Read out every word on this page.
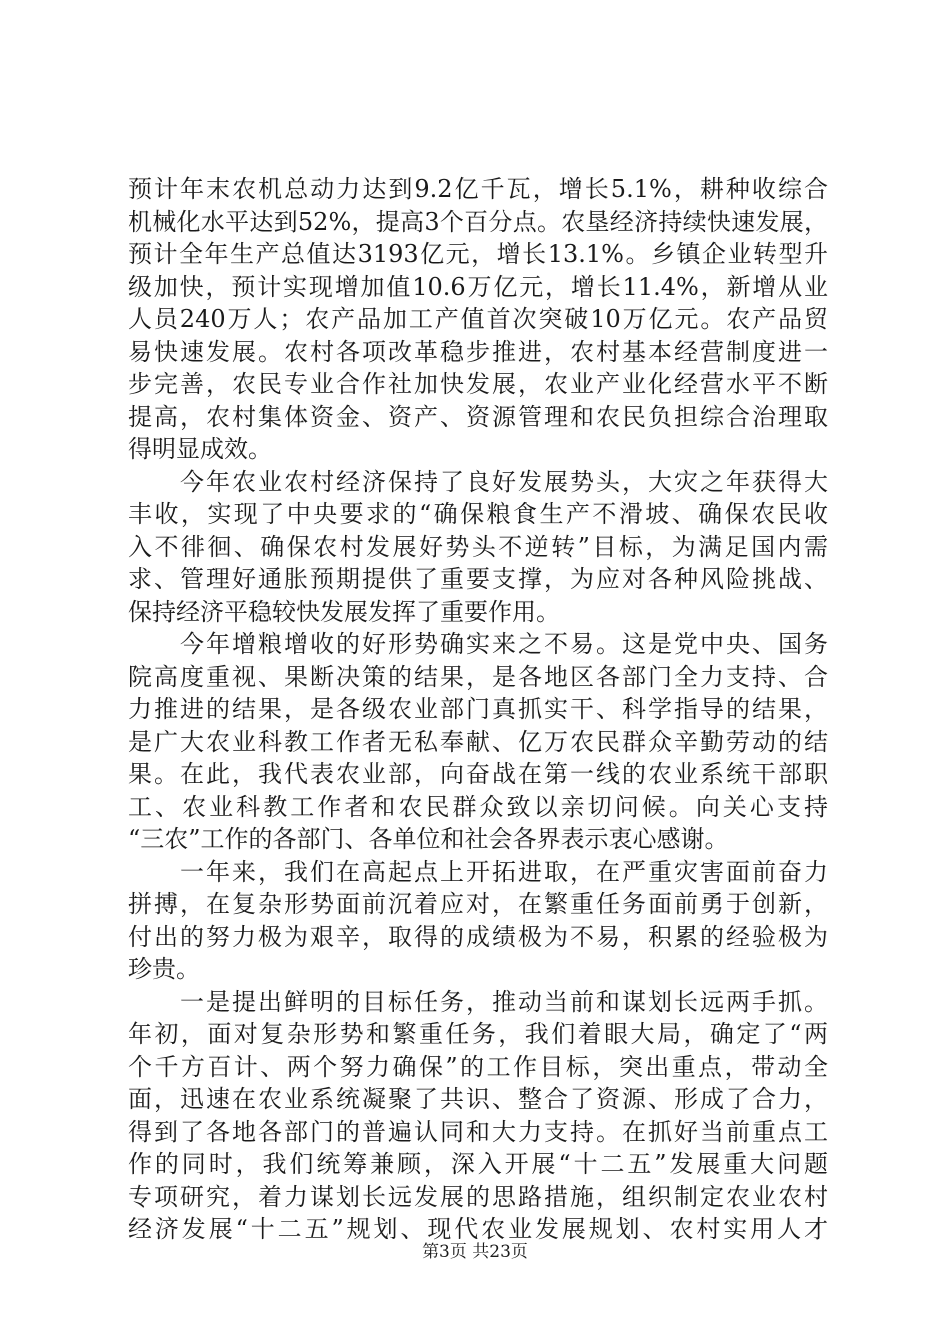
预计年末农机总动力达到9.2亿千瓦，增长5.1%，耕种收综合
机械化水平达到52%，提高3个百分点。农垦经济持续快速发展，
预计全年生产总值达3193亿元，增长13.1%。乡镇企业转型升
级加快，预计实现增加值10.6万亿元，增长11.4%，新增从业
人员240万人；农产品加工产值首次突破10万亿元。农产品贸
易快速发展。农村各项改革稳步推进，农村基本经营制度进一
步完善，农民专业合作社加快发展，农业产业化经营水平不断
提高，农村集体资金、资产、资源管理和农民负担综合治理取
得明显成效。
　　今年农业农村经济保持了良好发展势头，大灾之年获得大
丰收，实现了中央要求的“确保粮食生产不滑坡、确保农民收
入不徘徊、确保农村发展好势头不逆转”目标，为满足国内需
求、管理好通胀预期提供了重要支撑，为应对各种风险挑战、
保持经济平稳较快发展发挥了重要作用。
　　今年增粮增收的好形势确实来之不易。这是党中央、国务
院高度重视、果断决策的结果，是各地区各部门全力支持、合
力推进的结果，是各级农业部门真抓实干、科学指导的结果，
是广大农业科教工作者无私奉献、亿万农民群众辛勤劳动的结
果。在此，我代表农业部，向奋战在第一线的农业系统干部职
工、农业科教工作者和农民群众致以亲切问候。向关心支持
“三农”工作的各部门、各单位和社会各界表示衷心感谢。
　　一年来，我们在高起点上开拓进取，在严重灾害面前奋力
拼搏，在复杂形势面前沉着应对，在繁重任务面前勇于创新，
付出的努力极为艰辛，取得的成绩极为不易，积累的经验极为
珍贵。
　　一是提出鲜明的目标任务，推动当前和谋划长远两手抓。
年初，面对复杂形势和繁重任务，我们着眼大局，确定了“两
个千方百计、两个努力确保”的工作目标，突出重点，带动全
面，迅速在农业系统凝聚了共识、整合了资源、形成了合力，
得到了各地各部门的普遍认同和大力支持。在抓好当前重点工
作的同时，我们统筹兼顾，深入开展“十二五”发展重大问题
专项研究，着力谋划长远发展的思路措施，组织制定农业农村
经济发展“十二五”规划、现代农业发展规划、农村实用人才
第3页 共23页
